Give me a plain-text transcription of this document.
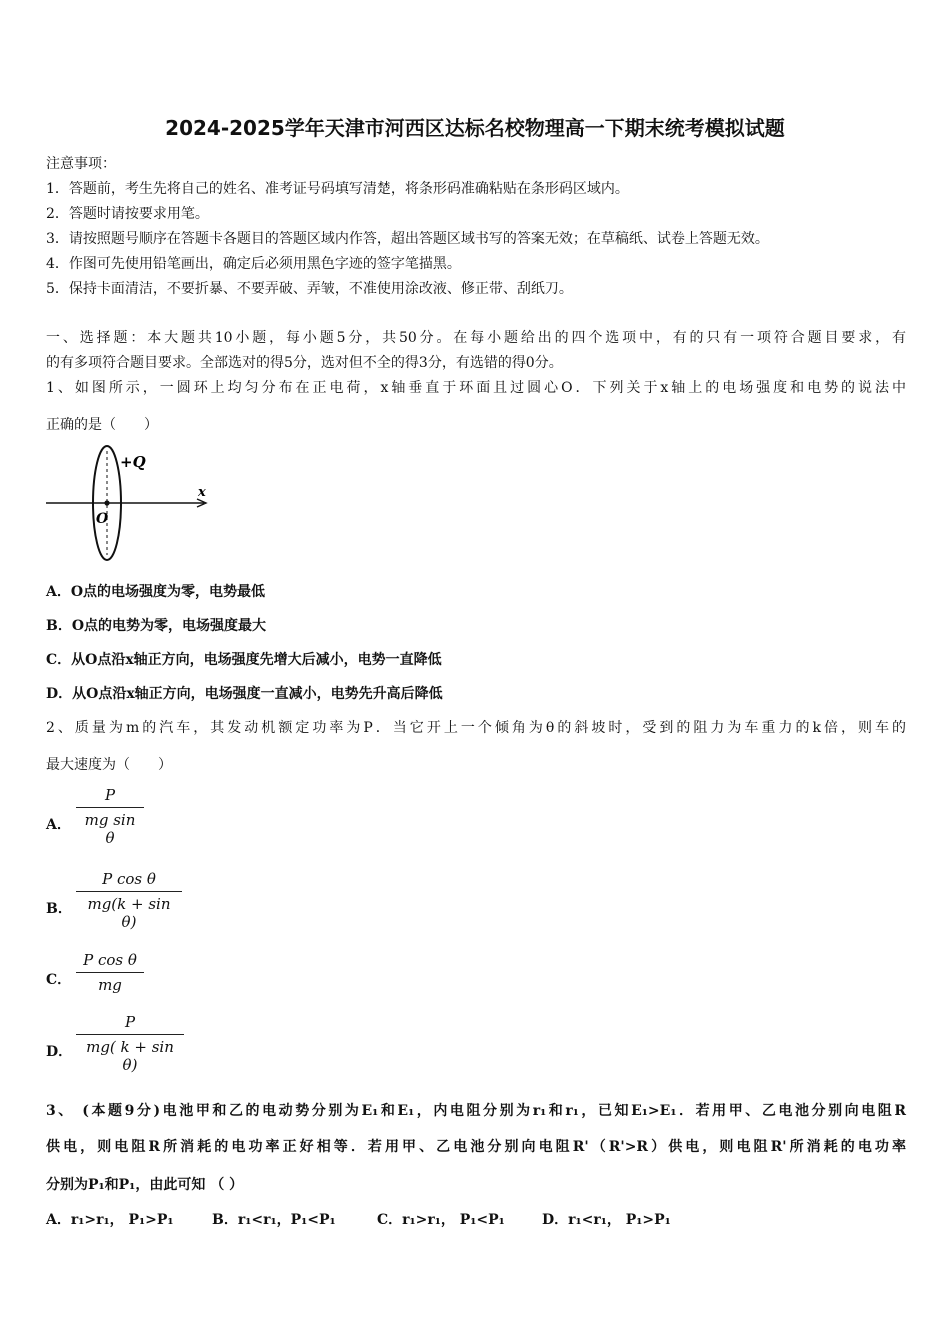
2024-2025学年天津市河西区达标名校物理高一下期末统考模拟试题
注意事项：
1．答题前，考生先将自己的姓名、准考证号码填写清楚，将条形码准确粘贴在条形码区域内。
2．答题时请按要求用笔。
3．请按照题号顺序在答题卡各题目的答题区域内作答，超出答题区域书写的答案无效；在草稿纸、试卷上答题无效。
4．作图可先使用铅笔画出，确定后必须用黑色字迹的签字笔描黑。
5．保持卡面清洁，不要折暴、不要弄破、弄皱，不准使用涂改液、修正带、刮纸刀。
一、选择题：本大题共10小题，每小题5分，共50分。在每小题给出的四个选项中，有的只有一项符合题目要求，有
的有多项符合题目要求。全部选对的得5分，选对但不全的得3分，有选错的得0分。
1、如图所示，一圆环上均匀分布在正电荷，x轴垂直于环面且过圆心O．下列关于x轴上的电场强度和电势的说法中
正确的是（　　）
+Q
x
O
A．O点的电场强度为零，电势最低
B．O点的电势为零，电场强度最大
C．从O点沿x轴正方向，电场强度先增大后减小，电势一直降低
D．从O点沿x轴正方向，电场强度一直减小，电势先升高后降低
2、质量为m的汽车，其发动机额定功率为P．当它开上一个倾角为θ的斜坡时，受到的阻力为车重力的k倍，则车的
最大速度为（　　）
A．
P
mg sin θ
B．
P cos θ
mg(k + sin θ)
C．
P cos θ
mg
D．
P
mg( k + sin θ)
3、 (本题9分)电池甲和乙的电动势分别为E₁和E₁，内电阻分别为r₁和r₁，已知E₁>E₁．若用甲、乙电池分别向电阻R
供电，则电阻R所消耗的电功率正好相等．若用甲、乙电池分别向电阻R'（R'>R）供电，则电阻R'所消耗的电功率
分别为P₁和P₁，由此可知 （ ）
A．r₁>r₁， P₁>P₁	B．r₁<r₁，P₁<P₁	C．r₁>r₁， P₁<P₁	D．r₁<r₁， P₁>P₁
